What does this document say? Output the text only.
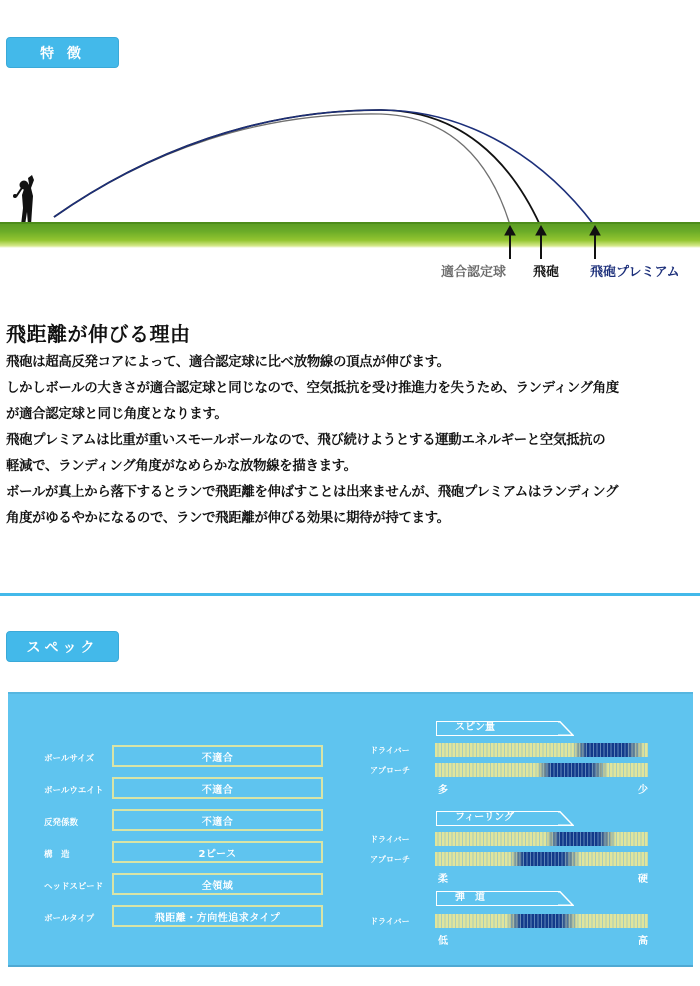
特 徴
適合認定球 飛砲 飛砲プレミアム
飛距離が伸びる理由
飛砲は超高反発コアによって、適合認定球に比べ放物線の頂点が伸びます。
しかしボールの大きさが適合認定球と同じなので、空気抵抗を受け推進力を失うため、ランディング角度
が適合認定球と同じ角度となります。
飛砲プレミアムは比重が重いスモールボールなので、飛び続けようとする運動エネルギーと空気抵抗の
軽減で、ランディング角度がなめらかな放物線を描きます。
ボールが真上から落下するとランで飛距離を伸ばすことは出来ませんが、飛砲プレミアムはランディング
角度がゆるやかになるので、ランで飛距離が伸びる効果に期待が持てます。
スペック
ボールサイズ	不適合
ボールウエイト	不適合
反発係数	不適合
構　造	2ピース
ヘッドスピード	全領域
ボールタイプ	飛距離・方向性追求タイプ
スピン量
ドライバー
アプローチ
多	少
フィーリング
ドライバー
アプローチ
柔	硬
弾　道
ドライバー
低	高
